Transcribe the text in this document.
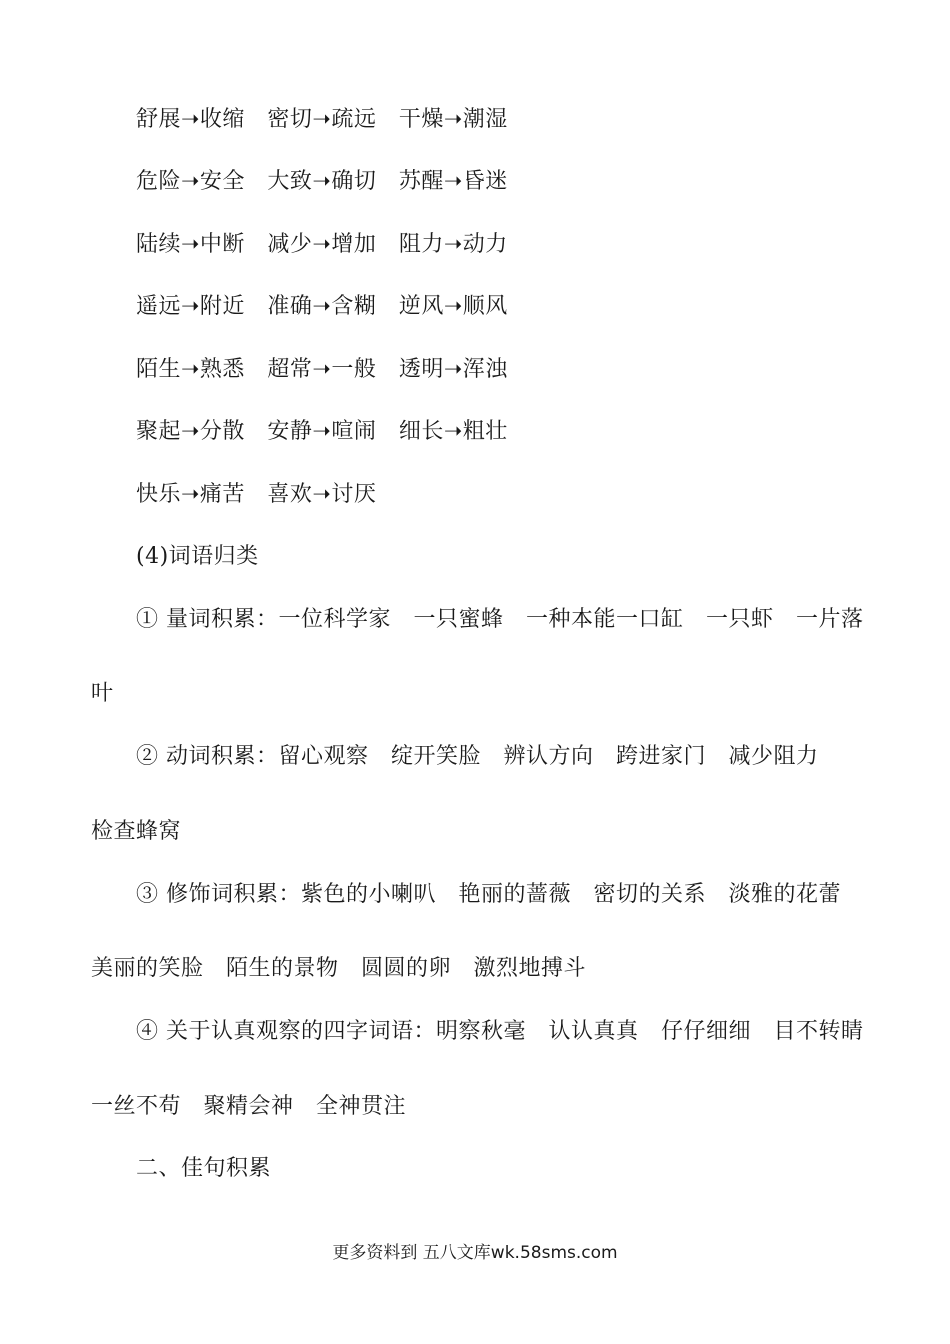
舒展➝收缩　密切➝疏远　干燥➝潮湿
危险➝安全　大致➝确切　苏醒➝昏迷
陆续➝中断　减少➝增加　阻力➝动力
遥远➝附近　准确➝含糊　逆风➝顺风
陌生➝熟悉　超常➝一般　透明➝浑浊
聚起➝分散　安静➝喧闹　细长➝粗壮
快乐➝痛苦　喜欢➝讨厌
(4)词语归类
① 量词积累：一位科学家　一只蜜蜂　一种本能一口缸　一只虾　一片落
叶
② 动词积累：留心观察　绽开笑脸　辨认方向　跨进家门　减少阻力
检查蜂窝
③ 修饰词积累：紫色的小喇叭　艳丽的蔷薇　密切的关系　淡雅的花蕾
美丽的笑脸　陌生的景物　圆圆的卵　激烈地搏斗
④ 关于认真观察的四字词语：明察秋毫　认认真真　仔仔细细　目不转睛
一丝不苟　聚精会神　全神贯注
二、佳句积累
更多资料到 五八文库wk.58sms.com
